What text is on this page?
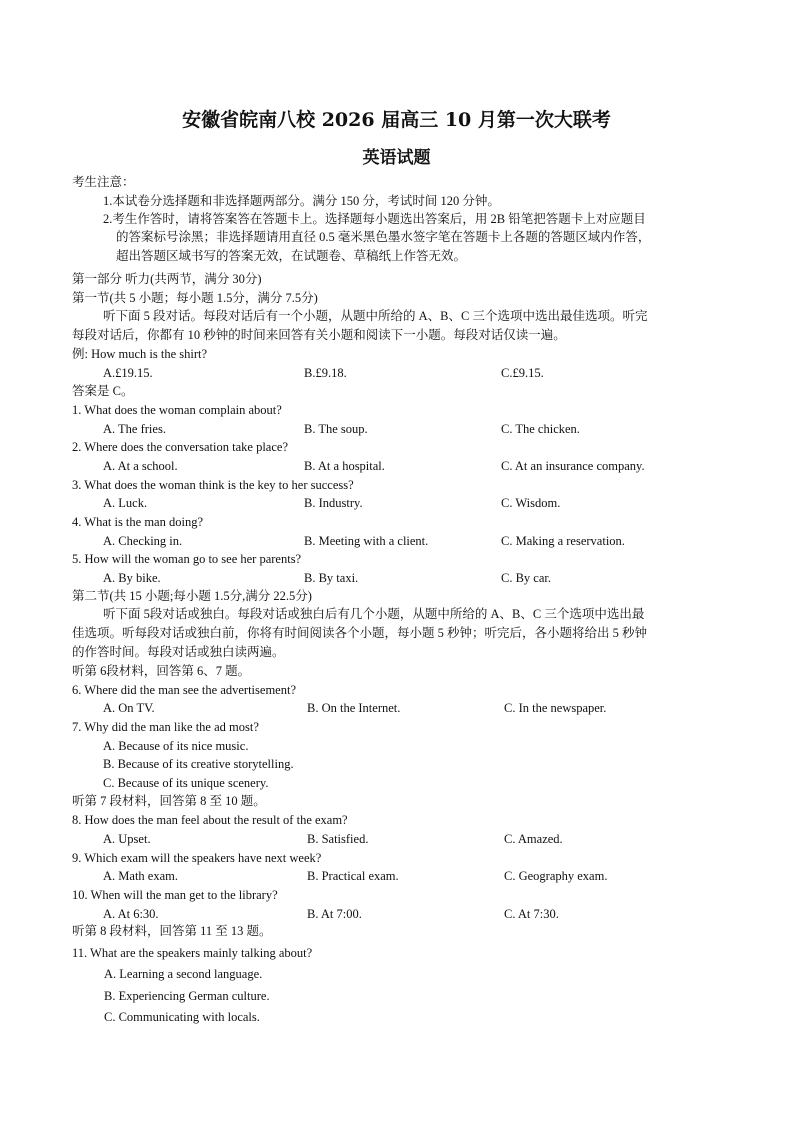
安徽省皖南八校 2026 届高三 10 月第一次大联考
英语试题
考生注意：
1.本试卷分选择题和非选择题两部分。满分 150 分，考试时间 120 分钟。
2.考生作答时，请将答案答在答题卡上。选择题每小题选出答案后，用 2B 铅笔把答题卡上对应题目
的答案标号涂黑；非选择题请用直径 0.5 毫米黑色墨水签字笔在答题卡上各题的答题区域内作答，
超出答题区域书写的答案无效，在试题卷、草稿纸上作答无效。
第一部分 听力(共两节，满分 30分)
第一节(共 5 小题；每小题 1.5分，满分 7.5分)
听下面 5 段对话。每段对话后有一个小题，从题中所给的 A、B、C 三个选项中选出最佳选项。听完
每段对话后，你都有 10 秒钟的时间来回答有关小题和阅读下一小题。每段对话仅读一遍。
例: How much is the shirt?
A.£19.15.	B.£9.18.	C.£9.15.
答案是 C。
1. What does the woman complain about?
A. The fries.	B. The soup.	C. The chicken.
2. Where does the conversation take place?
A. At a school.	B. At a hospital.	C. At an insurance company.
3. What does the woman think is the key to her success?
A. Luck.	B. Industry.	C. Wisdom.
4. What is the man doing?
A. Checking in.	B. Meeting with a client.	C. Making a reservation.
5. How will the woman go to see her parents?
A. By bike.	B. By taxi.	C. By car.
第二节(共 15 小题;每小题 1.5分,满分 22.5分)
听下面 5段对话或独白。每段对话或独白后有几个小题，从题中所给的 A、B、C 三个选项中选出最
佳选项。听每段对话或独白前，你将有时间阅读各个小题，每小题 5 秒钟；听完后，各小题将给出 5 秒钟
的作答时间。每段对话或独白读两遍。
听第 6段材料，回答第 6、7 题。
6. Where did the man see the advertisement?
A. On TV.	B. On the Internet.	C. In the newspaper.
7. Why did the man like the ad most?
A. Because of its nice music.
B. Because of its creative storytelling.
C. Because of its unique scenery.
听第 7 段材料，回答第 8 至 10 题。
8. How does the man feel about the result of the exam?
A. Upset.	B. Satisfied.	C. Amazed.
9. Which exam will the speakers have next week?
A. Math exam.	B. Practical exam.	C. Geography exam.
10. When will the man get to the library?
A. At 6:30.	B. At 7:00.	C. At 7:30.
听第 8 段材料，回答第 11 至 13 题。
11. What are the speakers mainly talking about?
A. Learning a second language.
B. Experiencing German culture.
C. Communicating with locals.
